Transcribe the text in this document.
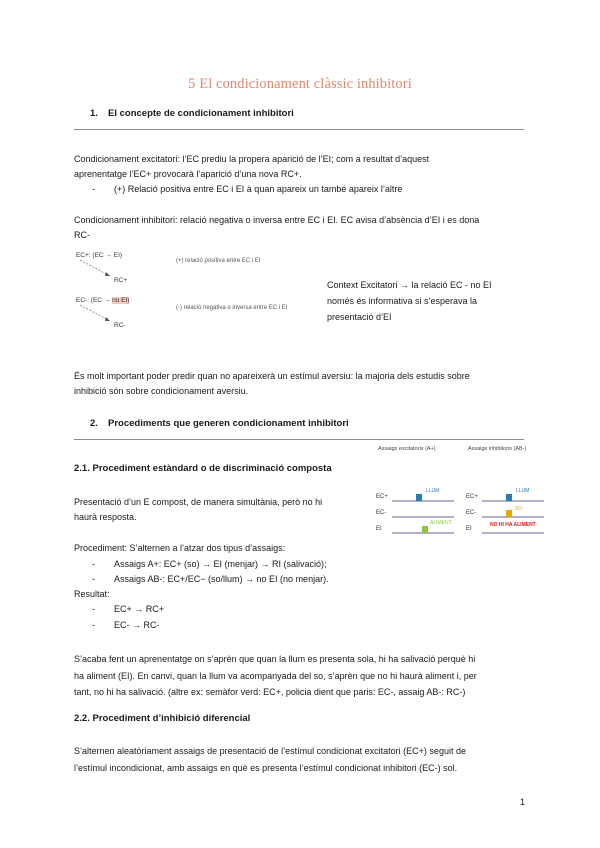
5 El condicionament clàssic inhibitori
1. El concepte de condicionament inhibitori
Condicionament excitatori: l’EC prediu la propera aparició de l’EI; com a resultat d’aquest
aprenentatge l’EC+ provocarà l’aparició d’una nova RC+.
- (+) Relació positiva entre EC i EI à quan apareix un també apareix l’altre
Condicionament inhibitori: relació negativa o inversa entre EC i EI. EC avisa d’absència d’EI i es dona
RC-
EC+: (EC → EI)
RC+
(+) relació positiva entre EC i EI
EC-: (EC → no EI)
RC-
(-) relació negativa o inversa entre EC i EI
Context Excitatori → la relació EC - no EI
només és informativa si s’esperava la
presentació d’EI
És molt important poder predir quan no apareixerà un estímul aversiu: la majoria dels estudis sobre
inhibició són sobre condicionament aversiu.
2. Procediments que generen condicionament inhibitori
2.1. Procediment estàndard o de discriminació composta
Assaigs excitatoris (A+)	Assaigs inhibitoris (AB-)
EC+
EC-
EI
EC+
EC-
EI
LLUM
ALIMENT
LLUM
SO
NO HI HA ALIMENT
Presentació d’un E compost, de manera simultània, però no hi
haurà resposta.
Procediment: S’alternen a l’atzar dos tipus d’assaigs:
- Assaigs A+: EC+ (so) → EI (menjar) → RI (salivació);
- Assaigs AB-: EC+/EC− (so/llum) → no EI (no menjar).
Resultat:
- EC+ → RC+
- EC- → RC-
S’acaba fent un aprenentatge on s’aprèn que quan la llum es presenta sola, hi ha salivació perquè hi
ha aliment (EI). En canvi, quan la llum va acompanyada del so, s’aprèn que no hi haurà aliment i, per
tant, no hi ha salivació. (altre ex: semàfor verd: EC+, policia dient que paris: EC-, assaig AB-: RC-)
2.2. Procediment d’inhibició diferencial
S’alternen aleatòriament assaigs de presentació de l’estímul condicionat excitatori (EC+) seguit de
l’estímul incondicionat, amb assaigs en què es presenta l’estímul condicionat inhibitori (EC-) sol.
1
